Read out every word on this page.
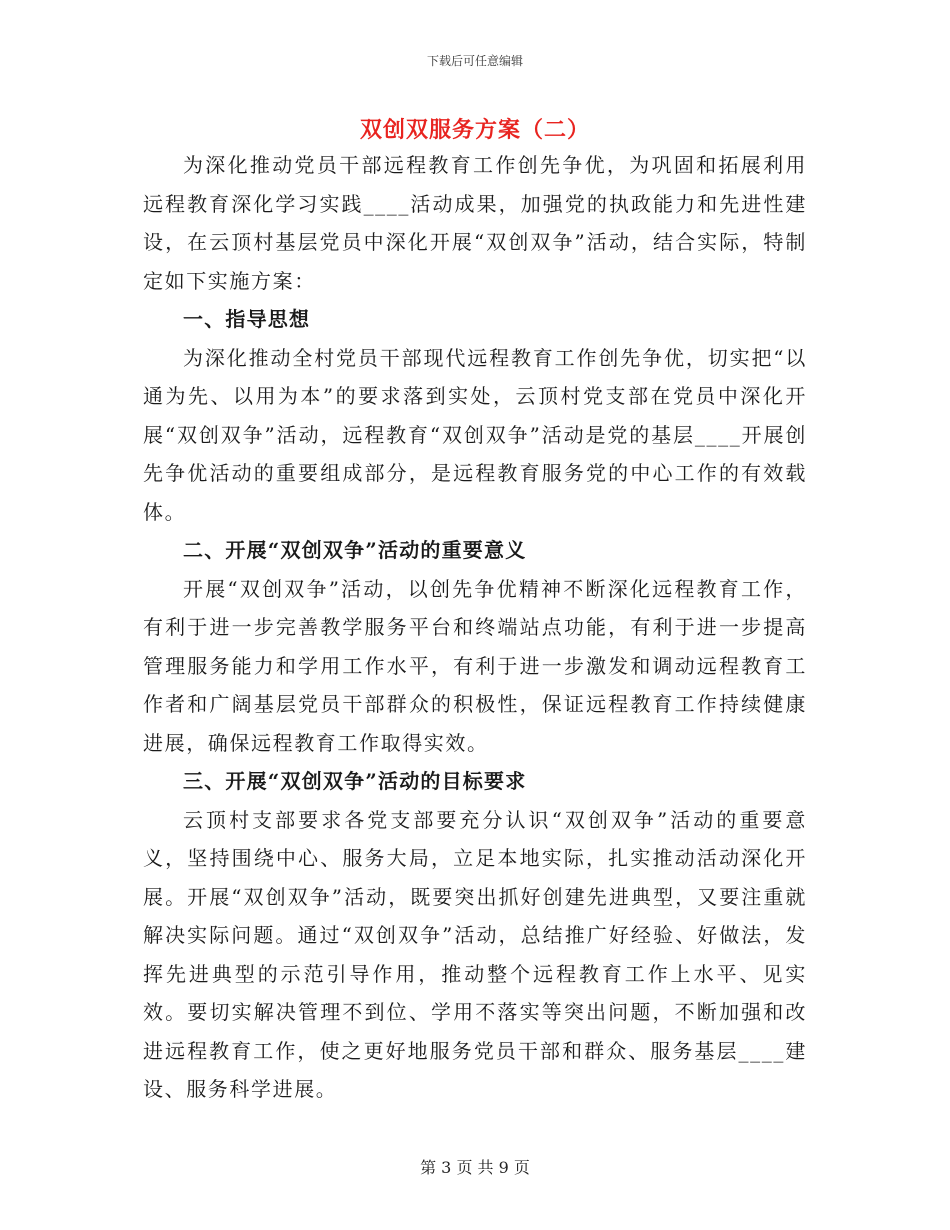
下载后可任意编辑
双创双服务方案（二）

为深化推动党员干部远程教育工作创先争优，为巩固和拓展利用远程教育深化学习实践____活动成果，加强党的执政能力和先进性建设，在云顶村基层党员中深化开展“双创双争”活动，结合实际，特制定如下实施方案：

一、指导思想

为深化推动全村党员干部现代远程教育工作创先争优，切实把“以通为先、以用为本”的要求落到实处，云顶村党支部在党员中深化开展“双创双争”活动，远程教育“双创双争”活动是党的基层____开展创先争优活动的重要组成部分，是远程教育服务党的中心工作的有效载体。

二、开展“双创双争”活动的重要意义

开展“双创双争”活动，以创先争优精神不断深化远程教育工作，有利于进一步完善教学服务平台和终端站点功能，有利于进一步提高管理服务能力和学用工作水平，有利于进一步激发和调动远程教育工作者和广阔基层党员干部群众的积极性，保证远程教育工作持续健康进展，确保远程教育工作取得实效。

三、开展“双创双争”活动的目标要求

云顶村支部要求各党支部要充分认识“双创双争”活动的重要意义，坚持围绕中心、服务大局，立足本地实际，扎实推动活动深化开展。开展“双创双争”活动，既要突出抓好创建先进典型，又要注重就解决实际问题。通过“双创双争”活动，总结推广好经验、好做法，发挥先进典型的示范引导作用，推动整个远程教育工作上水平、见实效。要切实解决管理不到位、学用不落实等突出问题，不断加强和改进远程教育工作，使之更好地服务党员干部和群众、服务基层____建设、服务科学进展。

第 3 页 共 9 页
